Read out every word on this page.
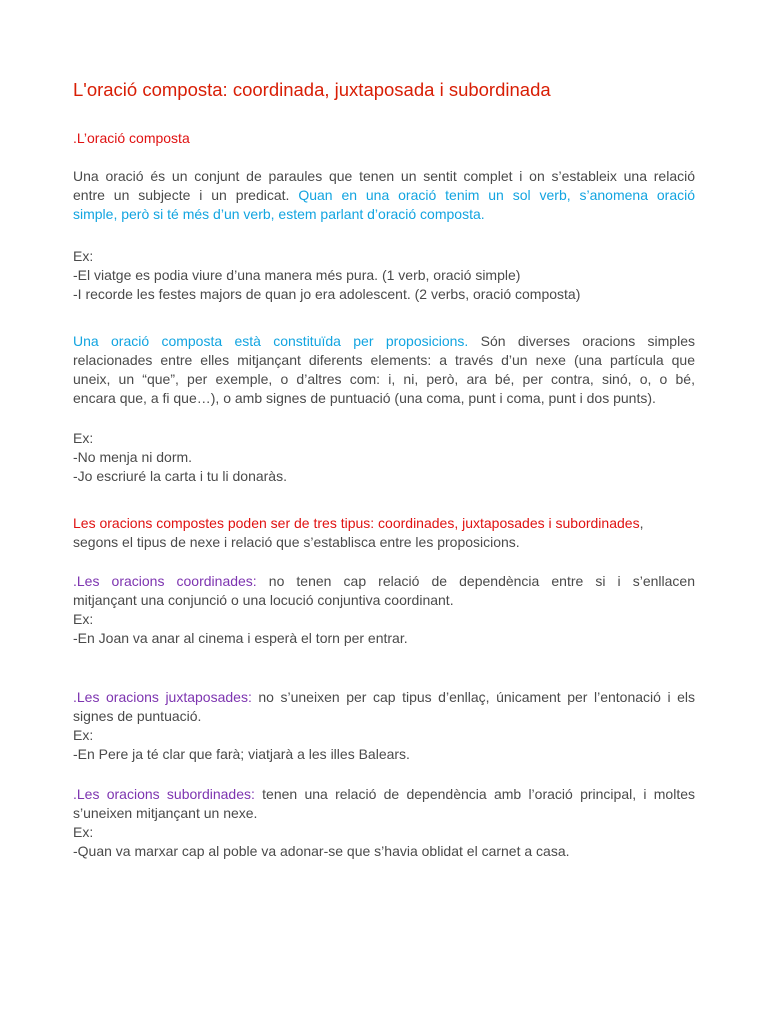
L'oració composta: coordinada, juxtaposada i subordinada
.L’oració composta

Una oració és un conjunt de paraules que tenen un sentit complet i on s’estableix una relació

entre un subjecte i un predicat. Quan en una oració tenim un sol verb, s’anomena oració

simple, però si té més d’un verb, estem parlant d’oració composta.

Ex:

-El viatge es podia viure d’una manera més pura. (1 verb, oració simple)

-I recorde les festes majors de quan jo era adolescent. (2 verbs, oració composta)

Una oració composta està constituïda per proposicions. Són diverses oracions simples

relacionades entre elles mitjançant diferents elements: a través d’un nexe (una partícula que

uneix, un “que”, per exemple, o d’altres com: i, ni, però, ara bé, per contra, sinó, o, o bé,

encara que, a fi que…), o amb signes de puntuació (una coma, punt i coma, punt i dos punts).

Ex:

-No menja ni dorm.

-Jo escriuré la carta i tu li donaràs.

Les oracions compostes poden ser de tres tipus: coordinades, juxtaposades i subordinades,

segons el tipus de nexe i relació que s’establisca entre les proposicions.

.Les oracions coordinades: no tenen cap relació de dependència entre si i s’enllacen

mitjançant una conjunció o una locució conjuntiva coordinant.

Ex:

-En Joan va anar al cinema i esperà el torn per entrar.

.Les oracions juxtaposades: no s’uneixen per cap tipus d’enllaç, únicament per l’entonació i els

signes de puntuació.

Ex:

-En Pere ja té clar que farà; viatjarà a les illes Balears.

.Les oracions subordinades: tenen una relació de dependència amb l’oració principal, i moltes

s’uneixen mitjançant un nexe.

Ex:

-Quan va marxar cap al poble va adonar-se que s’havia oblidat el carnet a casa.
